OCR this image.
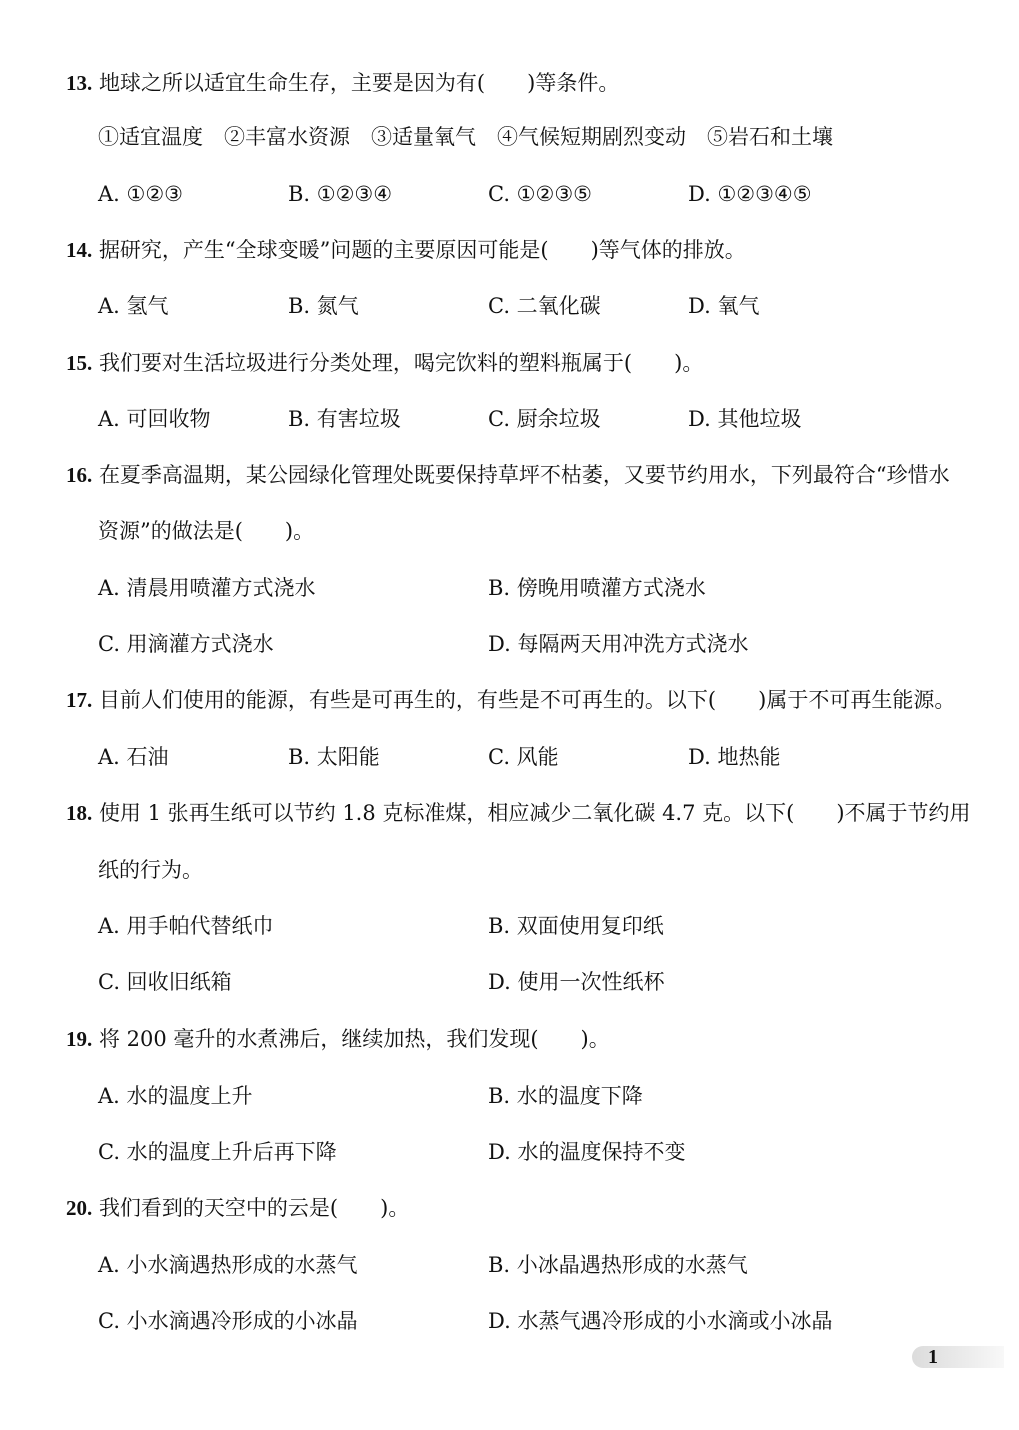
13. 地球之所以适宜生命生存，主要是因为有(　　)等条件。
①适宜温度　②丰富水资源　③适量氧气　④气候短期剧烈变动　⑤岩石和土壤
A. ①②③	B. ①②③④	C. ①②③⑤	D. ①②③④⑤
14. 据研究，产生“全球变暖”问题的主要原因可能是(　　)等气体的排放。
A. 氢气	B. 氮气	C. 二氧化碳	D. 氧气
15. 我们要对生活垃圾进行分类处理，喝完饮料的塑料瓶属于(　　)。
A. 可回收物	B. 有害垃圾	C. 厨余垃圾	D. 其他垃圾
16. 在夏季高温期，某公园绿化管理处既要保持草坪不枯萎，又要节约用水，下列最符合“珍惜水
资源”的做法是(　　)。
A. 清晨用喷灌方式浇水	B. 傍晚用喷灌方式浇水
C. 用滴灌方式浇水	D. 每隔两天用冲洗方式浇水
17. 目前人们使用的能源，有些是可再生的，有些是不可再生的。以下(　　)属于不可再生能源。
A. 石油	B. 太阳能	C. 风能	D. 地热能
18. 使用 1 张再生纸可以节约 1.8 克标准煤，相应减少二氧化碳 4.7 克。以下(　　)不属于节约用
纸的行为。
A. 用手帕代替纸巾	B. 双面使用复印纸
C. 回收旧纸箱	D. 使用一次性纸杯
19. 将 200 毫升的水煮沸后，继续加热，我们发现(　　)。
A. 水的温度上升	B. 水的温度下降
C. 水的温度上升后再下降	D. 水的温度保持不变
20. 我们看到的天空中的云是(　　)。
A. 小水滴遇热形成的水蒸气	B. 小冰晶遇热形成的水蒸气
C. 小水滴遇冷形成的小冰晶	D. 水蒸气遇冷形成的小水滴或小冰晶
1
